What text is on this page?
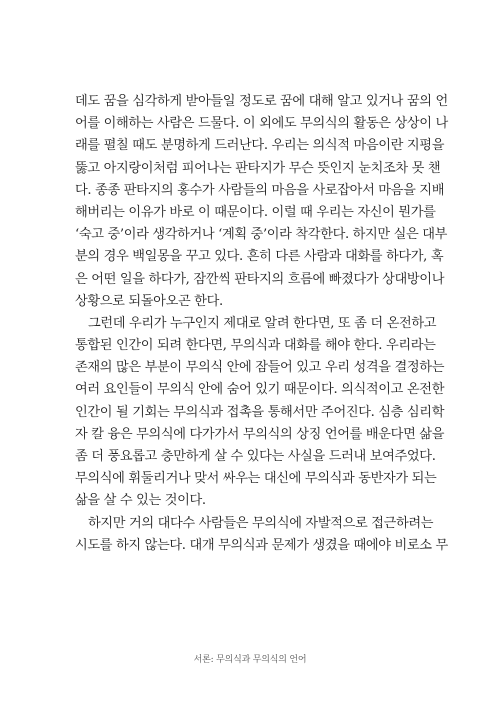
데도 꿈을 심각하게 받아들일 정도로 꿈에 대해 알고 있거나 꿈의 언
어를 이해하는 사람은 드물다. 이 외에도 무의식의 활동은 상상이 나
래를 펼칠 때도 분명하게 드러난다. 우리는 의식적 마음이란 지평을
뚫고 아지랑이처럼 피어나는 판타지가 무슨 뜻인지 눈치조차 못 챈
다. 종종 판타지의 홍수가 사람들의 마음을 사로잡아서 마음을 지배
해버리는 이유가 바로 이 때문이다. 이럴 때 우리는 자신이 뭔가를
‘숙고 중’이라 생각하거나 ‘계획 중’이라 착각한다. 하지만 실은 대부
분의 경우 백일몽을 꾸고 있다. 흔히 다른 사람과 대화를 하다가, 혹
은 어떤 일을 하다가, 잠깐씩 판타지의 흐름에 빠졌다가 상대방이나
상황으로 되돌아오곤 한다.
그런데 우리가 누구인지 제대로 알려 한다면, 또 좀 더 온전하고
통합된 인간이 되려 한다면, 무의식과 대화를 해야 한다. 우리라는
존재의 많은 부분이 무의식 안에 잠들어 있고 우리 성격을 결정하는
여러 요인들이 무의식 안에 숨어 있기 때문이다. 의식적이고 온전한
인간이 될 기회는 무의식과 접촉을 통해서만 주어진다. 심층 심리학
자 칼 융은 무의식에 다가가서 무의식의 상징 언어를 배운다면 삶을
좀 더 풍요롭고 충만하게 살 수 있다는 사실을 드러내 보여주었다.
무의식에 휘둘리거나 맞서 싸우는 대신에 무의식과 동반자가 되는
삶을 살 수 있는 것이다.
하지만 거의 대다수 사람들은 무의식에 자발적으로 접근하려는
시도를 하지 않는다. 대개 무의식과 문제가 생겼을 때에야 비로소 무
서론: 무의식과 무의식의 언어
